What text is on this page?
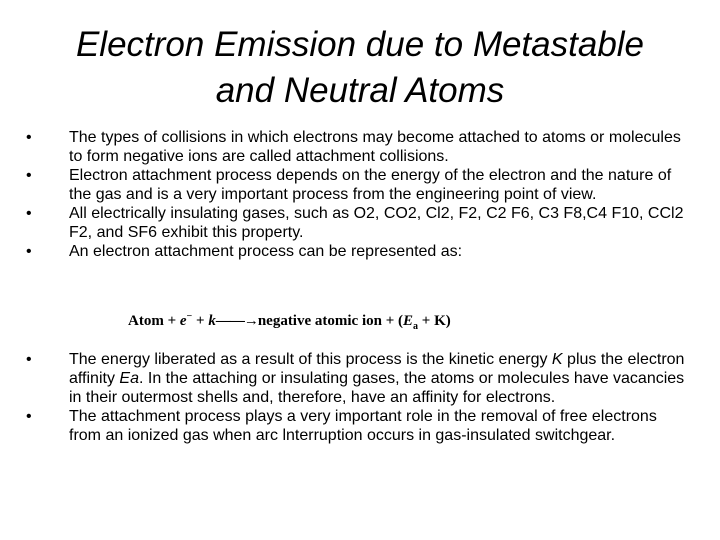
Electron Emission due to Metastable
and Neutral Atoms
•	The types of collisions in which electrons may become attached to atoms or molecules to form negative ions are called attachment collisions.
•	Electron attachment process depends on the energy of the electron and the nature of the gas and is a very important process from the engineering point of view.
•	All electrically insulating gases, such as O2, CO2, Cl2, F2, C2 F6, C3 F8,C4 F10, CCl2 F2, and SF6 exhibit this property.
•	An electron attachment process can be represented as:
Atom + e− + k——→negative atomic ion + $(E_a + K)$
•	The energy liberated as a result of this process is the kinetic energy K plus the electron affinity Ea. In the attaching or insulating gases, the atoms or molecules have vacancies in their outermost shells and, therefore, have an affinity for electrons.
•	The attachment process plays a very important role in the removal of free electrons from an ionized gas when arc lnterruption occurs in gas-insulated switchgear.
